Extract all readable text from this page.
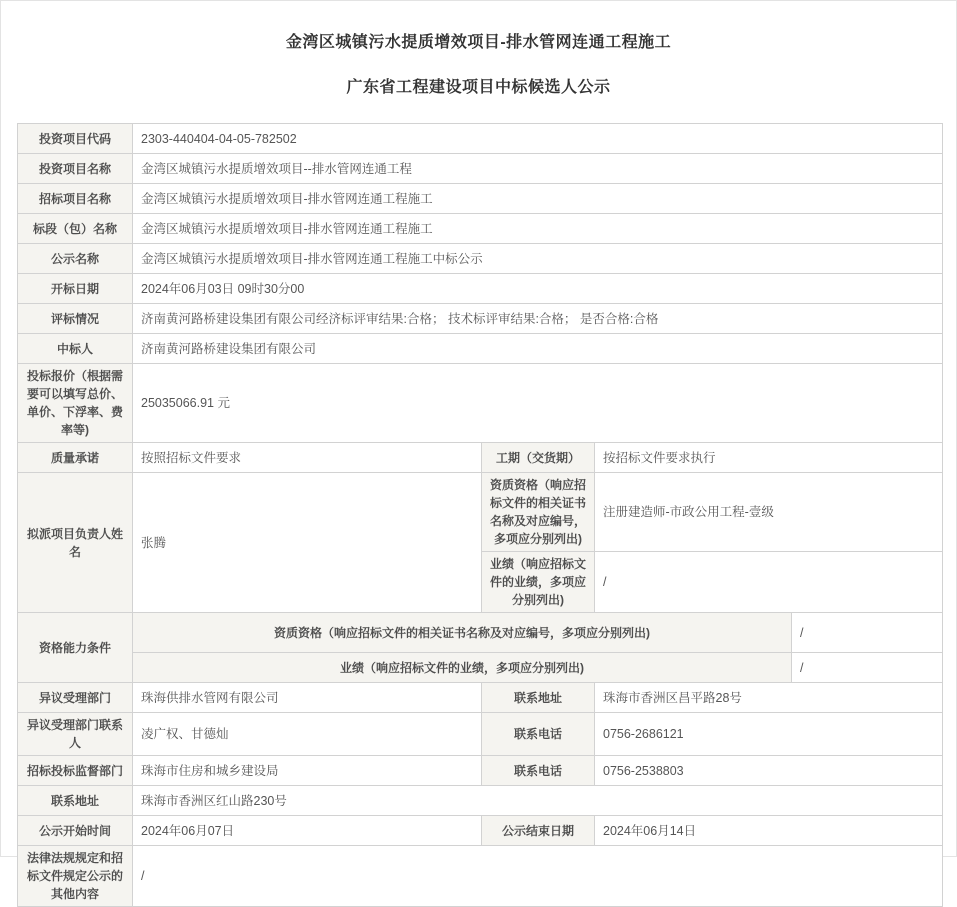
金湾区城镇污水提质增效项目-排水管网连通工程施工
广东省工程建设项目中标候选人公示
投资项目代码	2303-440404-04-05-782502			
投资项目名称	金湾区城镇污水提质增效项目--排水管网连通工程			
招标项目名称	金湾区城镇污水提质增效项目-排水管网连通工程施工			
标段（包）名称	金湾区城镇污水提质增效项目-排水管网连通工程施工			
公示名称	金湾区城镇污水提质增效项目-排水管网连通工程施工中标公示			
开标日期	2024年06月03日 09时30分00			
评标情况	济南黄河路桥建设集团有限公司经济标评审结果:合格； 技术标评审结果:合格； 是否合格:合格			
中标人	济南黄河路桥建设集团有限公司			
投标报价（根据需要可以填写总价、单价、下浮率、费率等)	25035066.91 元			
质量承诺	按照招标文件要求	工期（交货期）	按招标文件要求执行	
拟派项目负责人姓名	张腾	资质资格（响应招标文件的相关证书名称及对应编号，多项应分别列出)	注册建造师-市政公用工程-壹级	
		业绩（响应招标文件的业绩，多项应分别列出)	/	
资格能力条件	资质资格（响应招标文件的相关证书名称及对应编号，多项应分别列出)			/
	业绩（响应招标文件的业绩，多项应分别列出)			/
异议受理部门	珠海供排水管网有限公司	联系地址	珠海市香洲区昌平路28号	
异议受理部门联系人	凌广权、甘德灿	联系电话	0756-2686121	
招标投标监督部门	珠海市住房和城乡建设局	联系电话	0756-2538803	
联系地址	珠海市香洲区红山路230号			
公示开始时间	2024年06月07日	公示结束日期	2024年06月14日	
法律法规规定和招标文件规定公示的其他内容	/			
